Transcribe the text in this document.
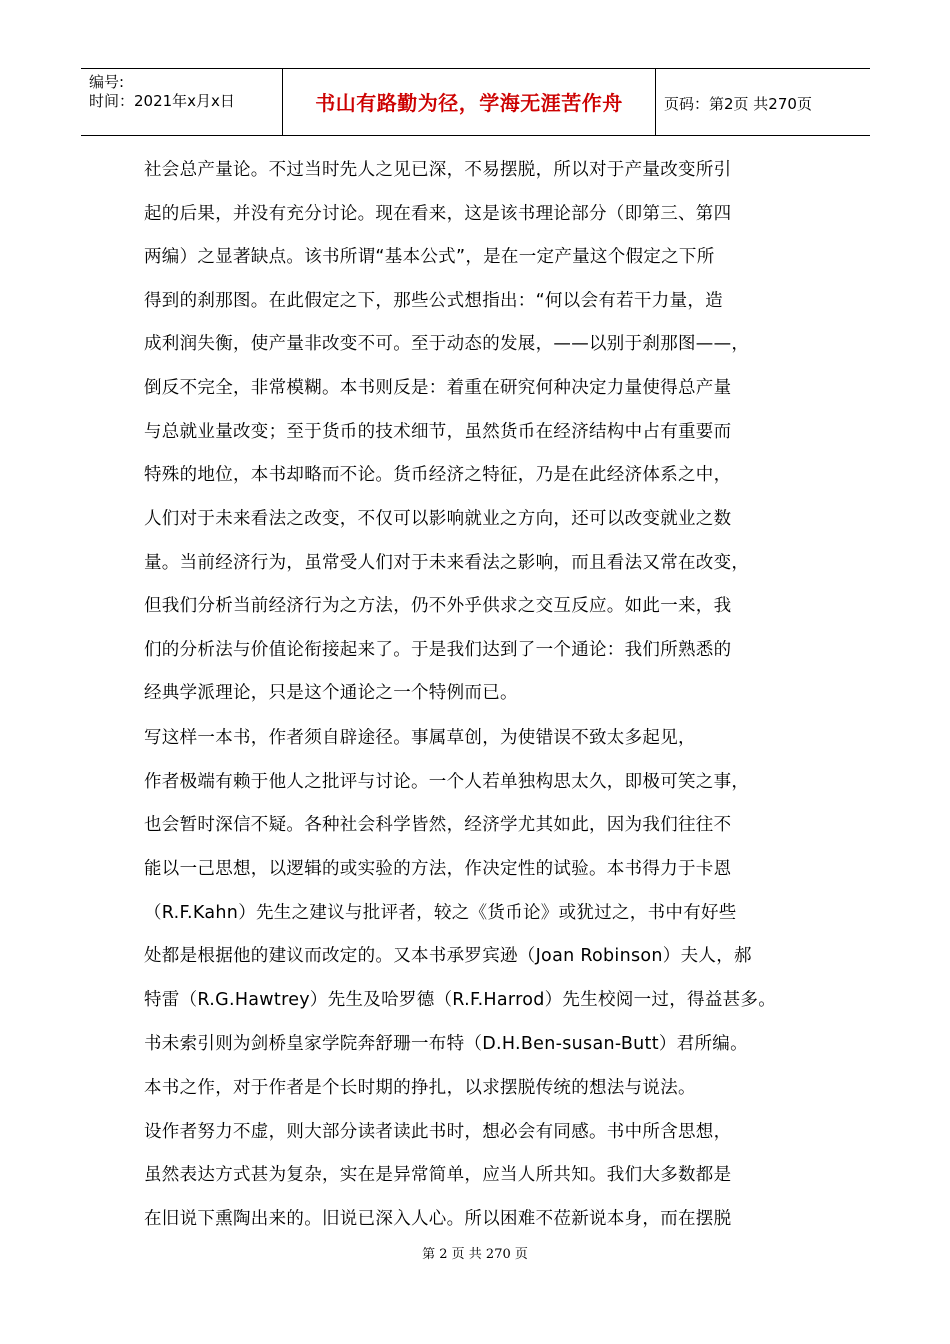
编号:
时间：2021年x月x日	书山有路勤为径，学海无涯苦作舟	页码：第2页 共270页
社会总产量论。不过当时先人之见已深，不易摆脱，所以对于产量改变所引
起的后果，并没有充分讨论。现在看来，这是该书理论部分（即第三、第四
两编）之显著缺点。该书所谓“基本公式”，是在一定产量这个假定之下所
得到的刹那图。在此假定之下，那些公式想指出：“何以会有若干力量，造
成利润失衡，使产量非改变不可。至于动态的发展，——以别于刹那图——，
倒反不完全，非常模糊。本书则反是：着重在研究何种决定力量使得总产量
与总就业量改变；至于货币的技术细节，虽然货币在经济结构中占有重要而
特殊的地位，本书却略而不论。货币经济之特征，乃是在此经济体系之中，
人们对于未来看法之改变，不仅可以影响就业之方向，还可以改变就业之数
量。当前经济行为，虽常受人们对于未来看法之影响，而且看法又常在改变，
但我们分析当前经济行为之方法，仍不外乎供求之交互反应。如此一来，我
们的分析法与价值论衔接起来了。于是我们达到了一个通论：我们所熟悉的
经典学派理论，只是这个通论之一个特例而已。
写这样一本书，作者须自辟途径。事属草创，为使错误不致太多起见，
作者极端有赖于他人之批评与讨论。一个人若单独构思太久，即极可笑之事，
也会暂时深信不疑。各种社会科学皆然，经济学尤其如此，因为我们往往不
能以一己思想，以逻辑的或实验的方法，作决定性的试验。本书得力于卡恩
（R.F.Kahn）先生之建议与批评者，较之《货币论》或犹过之，书中有好些
处都是根据他的建议而改定的。又本书承罗宾逊（Joan Robinson）夫人，郝
特雷（R.G.Hawtrey）先生及哈罗德（R.F.Harrod）先生校阅一过，得益甚多。
书未索引则为剑桥皇家学院奔舒珊一布特（D.H.Ben-susan-Butt）君所编。
本书之作，对于作者是个长时期的挣扎，以求摆脱传统的想法与说法。
设作者努力不虚，则大部分读者读此书时，想必会有同感。书中所含思想，
虽然表达方式甚为复杂，实在是异常简单，应当人所共知。我们大多数都是
在旧说下熏陶出来的。旧说已深入人心。所以困难不莅新说本身，而在摆脱
第 2 页 共 270 页
